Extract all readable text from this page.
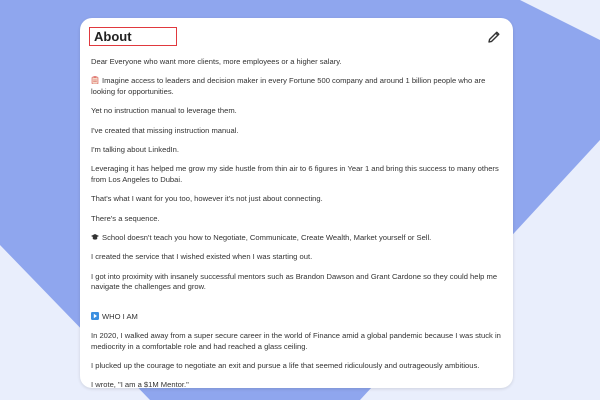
About

Dear Everyone who want more clients, more employees or a higher salary.

Imagine access to leaders and decision maker in every Fortune 500 company and around 1 billion people who are looking for opportunities.

Yet no instruction manual to leverage them.

I've created that missing instruction manual.

I'm talking about LinkedIn.

Leveraging it has helped me grow my side hustle from thin air to 6 figures in Year 1 and bring this success to many others from Los Angeles to Dubai.

That's what I want for you too, however it's not just about connecting.

There's a sequence.

School doesn't teach you how to Negotiate, Communicate, Create Wealth, Market yourself or Sell.

I created the service that I wished existed when I was starting out.

I got into proximity with insanely successful mentors such as Brandon Dawson and Grant Cardone so they could help me navigate the challenges and grow.

WHO I AM

In 2020, I walked away from a super secure career in the world of Finance amid a global pandemic because I was stuck in mediocrity in a comfortable role and had reached a glass ceiling.

I plucked up the courage to negotiate an exit and pursue a life that seemed ridiculously and outrageously ambitious.

I wrote, "I am a $1M Mentor."
